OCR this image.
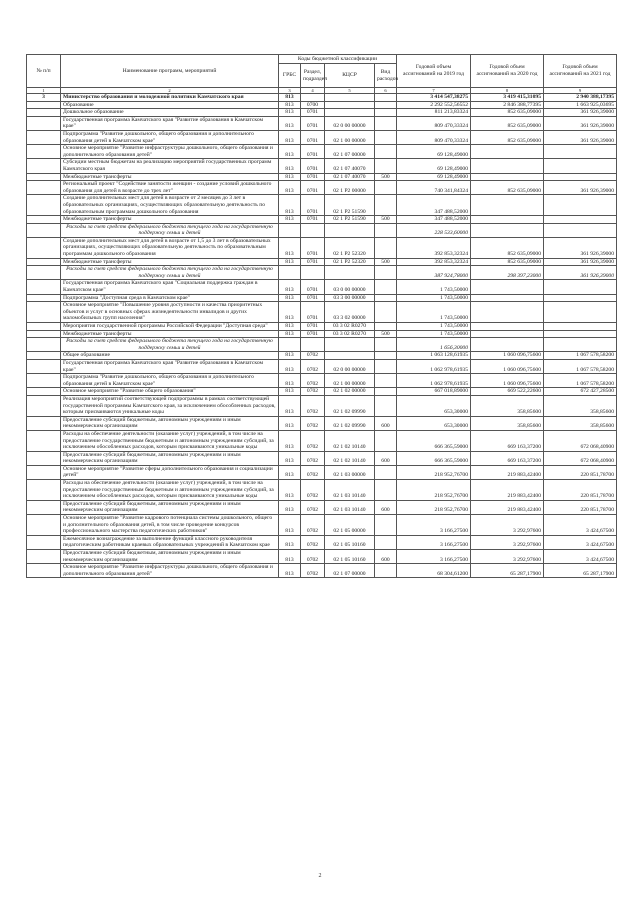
№ п/п	Наименование программ, мероприятий	Коды бюджетной классификации				Годовой объем ассигнований на 2019 год	Годовой объем ассигнований на 2020 год	Годовой объем ассигнований на 2021 год
		ГРБС	Раздел, подраздел	КЦСР	Вид расходов			
1	2	3	4	5	6	7	8	9
3	Министерство образования и молодежной политики Камчатского края	813				3 414 547,38275	3 419 415,31095	2 940 388,17395
	Образование	813	0700			2 292 552,56552	2 846 388,77395	1 663 925,03695
	Дошкольное образование	813	0701			811 213,83324	852 635,09000	361 926,39000
	Государственная программа Камчатского края "Развитие образования в Камчатском крае"	813	0701	02 0 00 00000		809 470,33324	852 635,09000	361 926,39000
	Подпрограмма "Развитие дошкольного, общего образования и дополнительного образования детей в Камчатском крае"	813	0701	02 1 00 00000		809 470,33324	852 635,09000	361 926,39000
	Основное мероприятие "Развитие инфраструктуры дошкольного, общего образования и дополнительного образования детей"	813	0701	02 1 07 00000		69 128,49000		
	Субсидии местным бюджетам на реализацию мероприятий государственных программ Камчатского края	813	0701	02 1 07 40070		69 128,49000		
	Межбюджетные трансферты	813	0701	02 1 07 40070	500	69 128,49000		
	Региональный проект "Содействие занятости женщин - создание условий дошкольного образования для детей в возрасте до трех лет"	813	0701	02 1 P2 00000		740 341,84324	852 635,09000	361 926,39000
	Создание дополнительных мест для детей в возрасте от 2 месяцев до 3 лет в образовательных организациях, осуществляющих образовательную деятельность по образовательным программам дошкольного образования	813	0701	02 1 P2 51590		347 488,52000		
	Межбюджетные трансферты	813	0701	02 1 P2 51590	500	347 488,52000		
	Расходы за счет средств федерального бюджета текущего года на государственную поддержку семьи и детей					228 533,60000		
	Создание дополнительных мест для детей в возрасте от 1,5 до 3 лет в образовательных организациях, осуществляющих образовательную деятельность по образовательным программам дошкольного образования	813	0701	02 1 P2 52320		392 853,32324	852 635,09000	361 926,39000
	Межбюджетные трансферты	813	0701	02 1 P2 52320	500	392 853,32324	852 635,09000	361 926,39000
	Расходы за счет средств федерального бюджета текущего года на государственную поддержку семьи и детей					387 924,78000	298 397,23000	361 926,39000
	Государственная программа Камчатского края "Социальная поддержка граждан в Камчатском крае"	813	0701	03 0 00 00000		1 743,50000		
	Подпрограмма "Доступная среда в Камчатском крае"	813	0701	03 3 00 00000		1 743,50000		
	Основное мероприятие "Повышение уровня доступности и качества приоритетных объектов и услуг в основных сферах жизнедеятельности инвалидов и других маломобильных групп населения"	813	0701	03 3 02 00000		1 743,50000		
	Мероприятия государственной программы Российской Федерации "Доступная среда"	813	0701	03 3 02 R0270		1 743,50000		
	Межбюджетные трансферты	813	0701	03 3 02 R0270	500	1 743,50000		
	Расходы за счет средств федерального бюджета текущего года на государственную поддержку семьи и детей					1 656,30000		
	Общее образование	813	0702			1 063 128,61935	1 060 096,75600	1 067 578,58200
	Государственная программа Камчатского края "Развитие образования в Камчатском крае"	813	0702	02 0 00 00000		1 062 978,61935	1 060 096,75600	1 067 578,58200
	Подпрограмма "Развитие дошкольного, общего образования и дополнительного образования детей в Камчатском крае"	813	0702	02 1 00 00000		1 062 978,61935	1 060 096,75600	1 067 578,58200
	Основное мероприятие "Развитие общего образования"	813	0702	02 1 02 00000		667 018,89000	669 522,22600	672 427,28500
	Реализация мероприятий соответствующей подпрограммы в рамках соответствующей государственной программы Камчатского края, за исключением обособленных расходов, которым присваиваются уникальные коды	813	0702	02 1 02 09990		653,30000	358,85600	358,85600
	Предоставление субсидий бюджетным, автономным учреждениям и иным некоммерческим организациям	813	0702	02 1 02 09990	600	653,30000	358,85600	358,85600
	Расходы на обеспечение деятельности (оказание услуг) учреждений, в том числе на предоставление государственным бюджетным и автономным учреждениям субсидий, за исключением обособленных расходов, которым присваиваются уникальные коды	813	0702	02 1 02 10140		666 365,59000	669 163,37200	672 068,40900
	Предоставление субсидий бюджетным, автономным учреждениям и иным некоммерческим организациям	813	0702	02 1 02 10140	600	666 365,59000	669 163,37200	672 068,40900
	Основное мероприятие "Развитие сферы дополнительного образования и социализации детей"	813	0702	02 1 03 00000		218 952,76700	219 883,42400	220 851,78700
	Расходы на обеспечение деятельности (оказание услуг) учреждений, в том числе на предоставление государственным бюджетным и автономным учреждениям субсидий, за исключением обособленных расходов, которым присваиваются уникальные коды	813	0702	02 1 03 10140		218 952,76700	219 883,42400	220 851,78700
	Предоставление субсидий бюджетным, автономным учреждениям и иным некоммерческим организациям	813	0702	02 1 03 10140	600	218 952,76700	219 883,42400	220 851,78700
	Основное мероприятие "Развитие кадрового потенциала системы дошкольного, общего и дополнительного образования детей, в том числе проведение конкурсов профессионального мастерства педагогических работников"	813	0702	02 1 05 00000		3 166,27500	3 292,97600	3 424,67500
	Ежемесячное вознаграждение за выполнение функций классного руководителя педагогическим работникам краевых образовательных учреждений в Камчатском крае	813	0702	02 1 05 10160		3 166,27500	3 292,97600	3 424,67500
	Предоставление субсидий бюджетным, автономным учреждениям и иным некоммерческим организациям	813	0702	02 1 05 10160	600	3 166,27500	3 292,97600	3 424,67500
	Основное мероприятие "Развитие инфраструктуры дошкольного, общего образования и дополнительного образования детей"	813	0702	02 1 07 00000		68 304,61200	65 287,17900	65 287,17900
2
